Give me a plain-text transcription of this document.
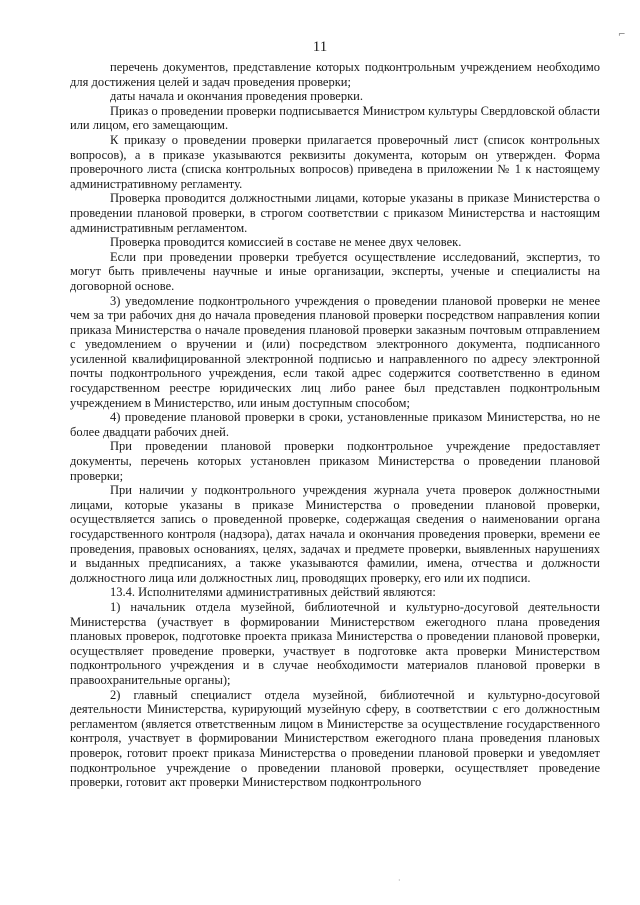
11
⌐

перечень документов, представление которых подконтрольным учреждением необходимо для достижения целей и задач проведения проверки;

даты начала и окончания проведения проверки.

Приказ о проведении проверки подписывается Министром культуры Свердловской области или лицом, его замещающим.

К приказу о проведении проверки прилагается проверочный лист (список контрольных вопросов), а в приказе указываются реквизиты документа, которым он утвержден. Форма проверочного листа (списка контрольных вопросов) приведена в приложении № 1 к настоящему административному регламенту.

Проверка проводится должностными лицами, которые указаны в приказе Министерства о проведении плановой проверки, в строгом соответствии с приказом Министерства и настоящим административным регламентом.

Проверка проводится комиссией в составе не менее двух человек.

Если при проведении проверки требуется осуществление исследований, экспертиз, то могут быть привлечены научные и иные организации, эксперты, ученые и специалисты на договорной основе.

3) уведомление подконтрольного учреждения о проведении плановой проверки не менее чем за три рабочих дня до начала проведения плановой проверки посредством направления копии приказа Министерства о начале проведения плановой проверки заказным почтовым отправлением с уведомлением о вручении и (или) посредством электронного документа, подписанного усиленной квалифицированной электронной подписью и направленного по адресу электронной почты подконтрольного учреждения, если такой адрес содержится соответственно в едином государственном реестре юридических лиц либо ранее был представлен подконтрольным учреждением в Министерство, или иным доступным способом;

4) проведение плановой проверки в сроки, установленные приказом Министерства, но не более двадцати рабочих дней.

При проведении плановой проверки подконтрольное учреждение предоставляет документы, перечень которых установлен приказом Министерства о проведении плановой проверки;

При наличии у подконтрольного учреждения журнала учета проверок должностными лицами, которые указаны в приказе Министерства о проведении плановой проверки, осуществляется запись о проведенной проверке, содержащая сведения о наименовании органа государственного контроля (надзора), датах начала и окончания проведения проверки, времени ее проведения, правовых основаниях, целях, задачах и предмете проверки, выявленных нарушениях и выданных предписаниях, а также указываются фамилии, имена, отчества и должности должностного лица или должностных лиц, проводящих проверку, его или их подписи.

13.4. Исполнителями административных действий являются:

1) начальник отдела музейной, библиотечной и культурно-досуговой деятельности Министерства (участвует в формировании Министерством ежегодного плана проведения плановых проверок, подготовке проекта приказа Министерства о проведении плановой проверки, осуществляет проведение проверки, участвует в подготовке акта проверки Министерством подконтрольного учреждения и в случае необходимости материалов плановой проверки в правоохранительные органы);

2) главный специалист отдела музейной, библиотечной и культурно-досуговой деятельности Министерства, курирующий музейную сферу, в соответствии с его должностным регламентом (является ответственным лицом в Министерстве за осуществление государственного контроля, участвует в формировании Министерством ежегодного плана проведения плановых проверок, готовит проект приказа Министерства о проведении плановой проверки и уведомляет подконтрольное учреждение о проведении плановой проверки, осуществляет проведение проверки, готовит акт проверки Министерством подконтрольного

·
